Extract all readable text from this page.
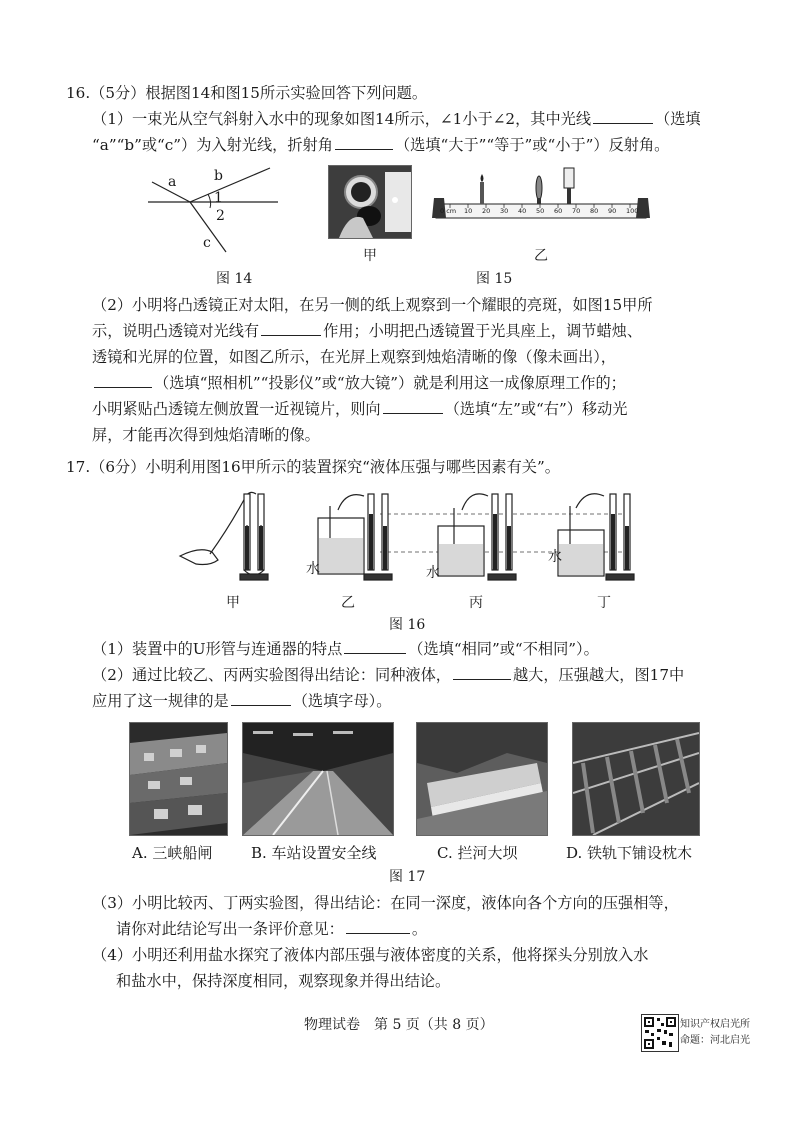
16.（5分）根据图14和图15所示实验回答下列问题。
（1）一束光从空气斜射入水中的现象如图14所示，∠1小于∠2，其中光线	（选填
“a”“b”或“c”）为入射光线，折射角	（选填“大于”“等于”或“小于”）反射角。
a	b
1
2
c
图 14
甲
0 cm 10 20 30 40 50 60 70 80 90 100
乙
图 15
（2）小明将凸透镜正对太阳，在另一侧的纸上观察到一个耀眼的亮斑，如图15甲所
示，说明凸透镜对光线有	作用；小明把凸透镜置于光具座上，调节蜡烛、
透镜和光屏的位置，如图乙所示，在光屏上观察到烛焰清晰的像（像未画出），
（选填“照相机”“投影仪”或“放大镜”）就是利用这一成像原理工作的；
小明紧贴凸透镜左侧放置一近视镜片，则向	（选填“左”或“右”）移动光
屏，才能再次得到烛焰清晰的像。
17.（6分）小明利用图16甲所示的装置探究“液体压强与哪些因素有关”。
水	水
水
甲	乙	丙	丁
图 16
（1）装置中的U形管与连通器的特点	（选填“相同”或“不相同”）。
（2）通过比较乙、丙两实验图得出结论：同种液体，	越大，压强越大，图17中
应用了这一规律的是	（选填字母）。
A. 三峡船闸	B. 车站设置安全线	C. 拦河大坝	D. 铁轨下铺设枕木
图 17
（3）小明比较丙、丁两实验图，得出结论：在同一深度，液体向各个方向的压强相等，
请你对此结论写出一条评价意见：	。
（4）小明还利用盐水探究了液体内部压强与液体密度的关系，他将探头分别放入水
和盐水中，保持深度相同，观察现象并得出结论。
物理试卷　第 5 页（共 8 页）	知识产权启光所
命题：河北启光
